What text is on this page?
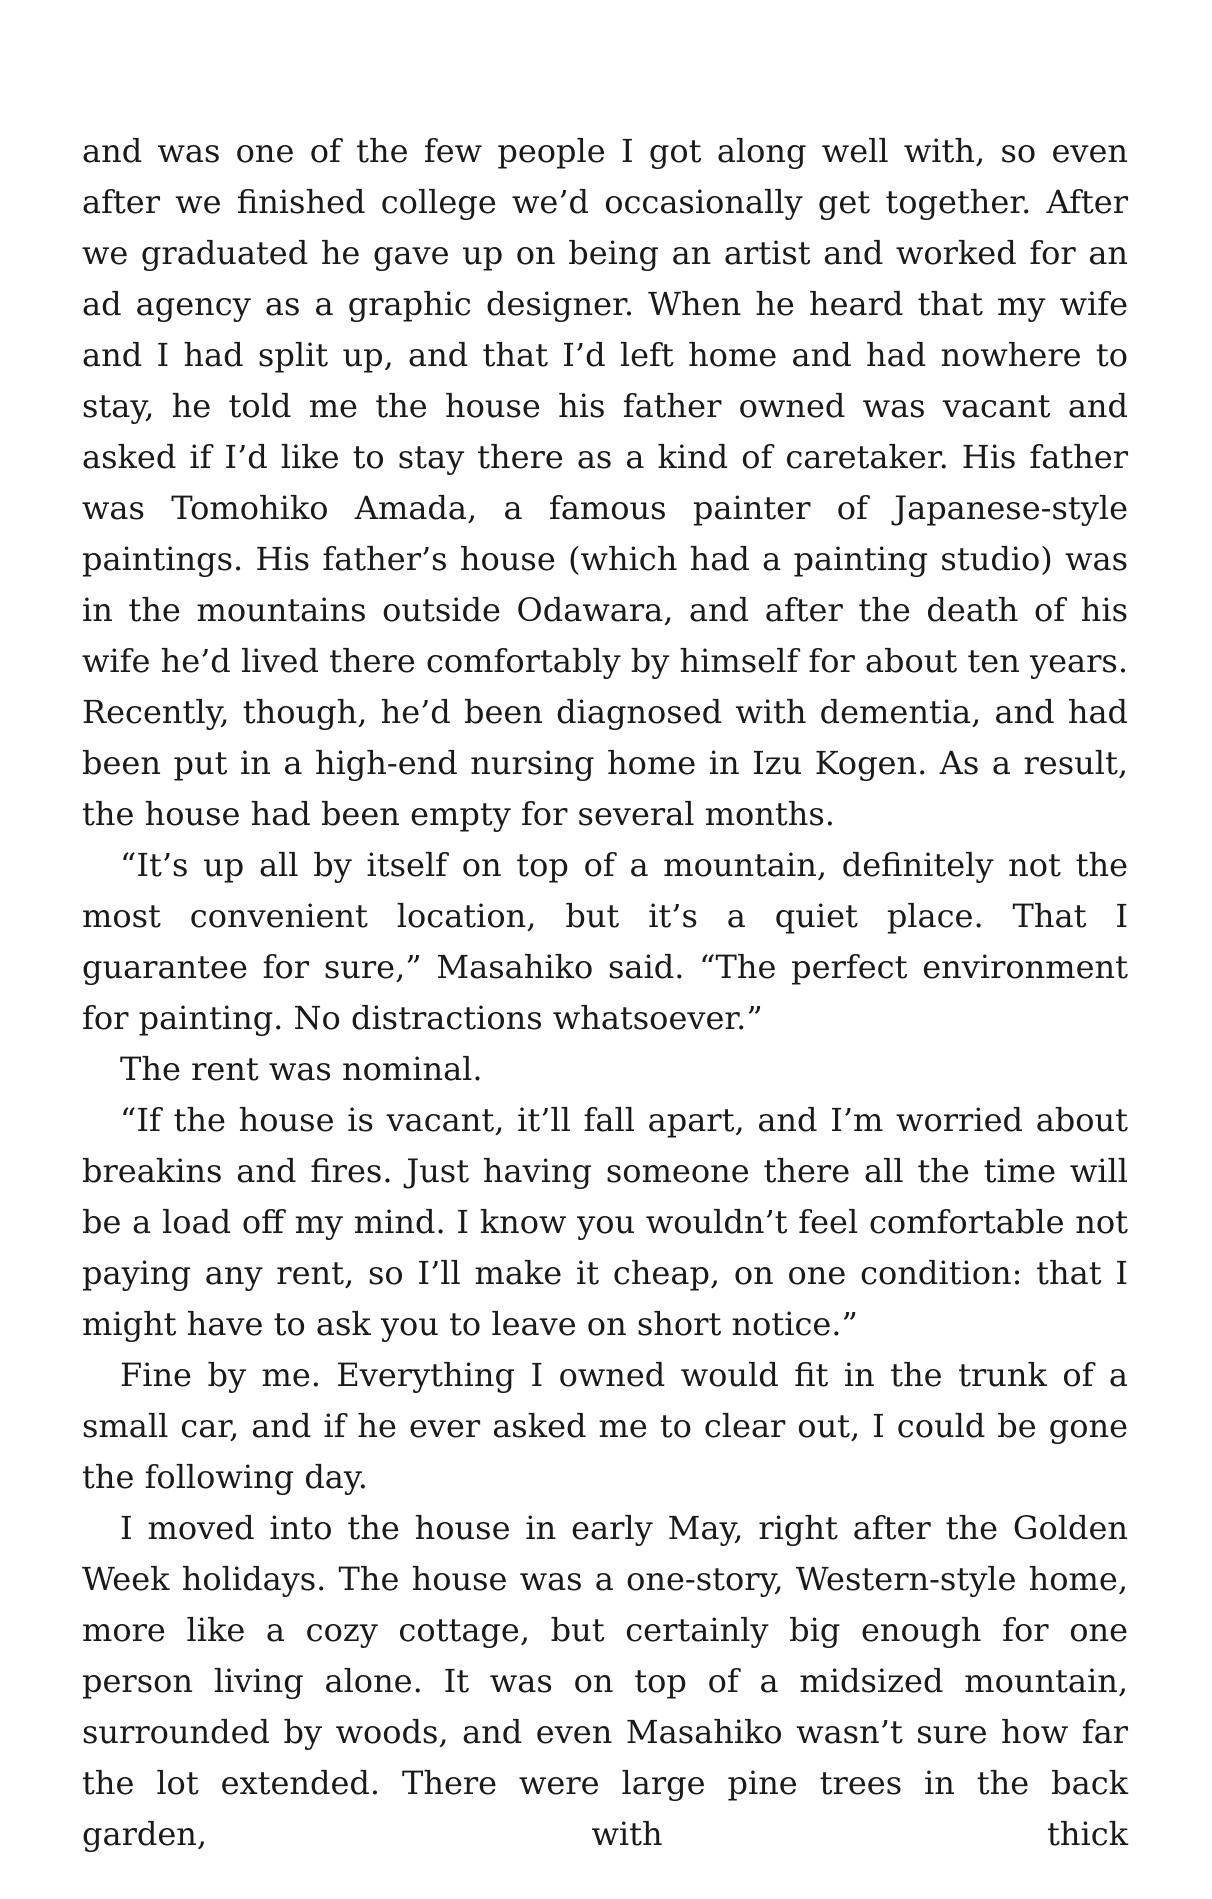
and was one of the few people I got along well with, so even after we finished college we’d occasionally get together. After we graduated he gave up on being an artist and worked for an ad agency as a graphic designer. When he heard that my wife and I had split up, and that I’d left home and had nowhere to stay, he told me the house his father owned was vacant and asked if I’d like to stay there as a kind of caretaker. His father was Tomohiko Amada, a famous painter of Japanese-style paintings. His father’s house (which had a painting studio) was in the mountains outside Odawara, and after the death of his wife he’d lived there comfortably by himself for about ten years. Recently, though, he’d been diagnosed with dementia, and had been put in a high-end nursing home in Izu Kogen. As a result, the house had been empty for several months.

“It’s up all by itself on top of a mountain, definitely not the most convenient location, but it’s a quiet place. That I guarantee for sure,” Masahiko said. “The perfect environment for painting. No distractions whatsoever.”

The rent was nominal.

“If the house is vacant, it’ll fall apart, and I’m worried about breakins and fires. Just having someone there all the time will be a load off my mind. I know you wouldn’t feel comfortable not paying any rent, so I’ll make it cheap, on one condition: that I might have to ask you to leave on short notice.”

Fine by me. Everything I owned would fit in the trunk of a small car, and if he ever asked me to clear out, I could be gone the following day.

I moved into the house in early May, right after the Golden Week holidays. The house was a one-story, Western-style home, more like a cozy cottage, but certainly big enough for one person living alone. It was on top of a midsized mountain, surrounded by woods, and even Masahiko wasn’t sure how far the lot extended. There were large pine trees in the back garden, with thick
